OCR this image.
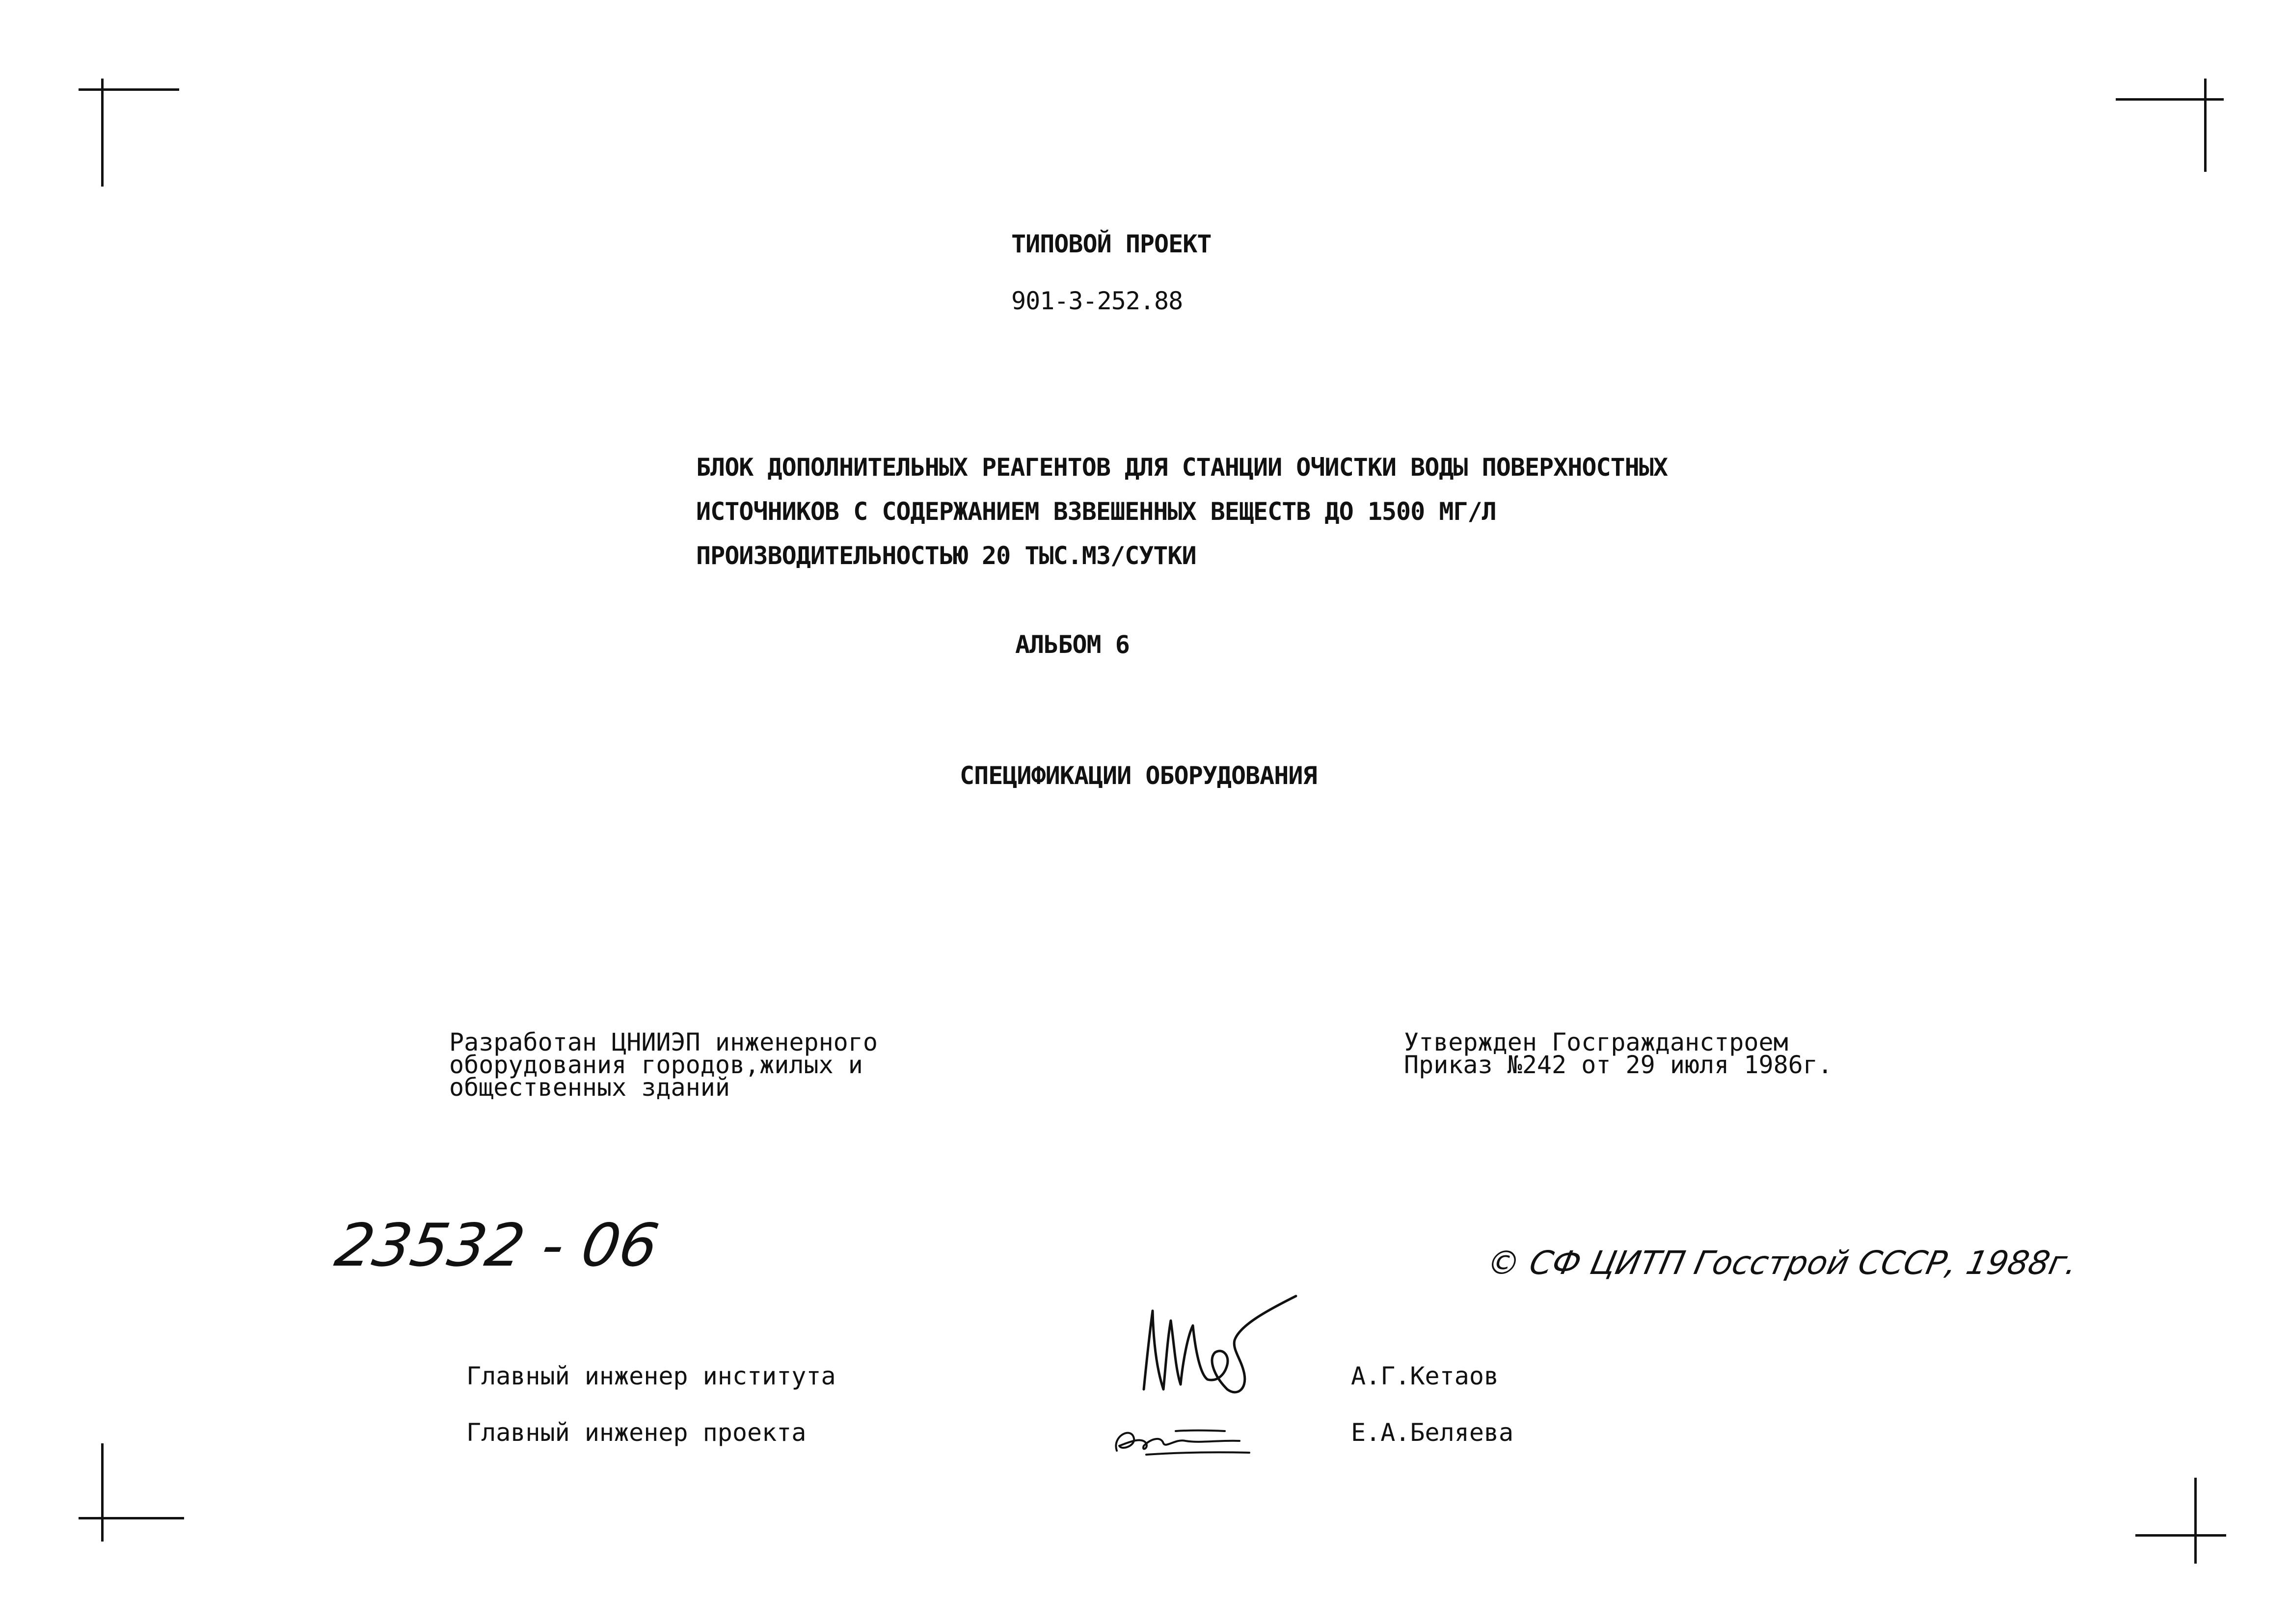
ТИПОВОЙ ПРОЕКТ
901-3-252.88
БЛОК ДОПОЛНИТЕЛЬНЫХ РЕАГЕНТОВ ДЛЯ СТАНЦИИ ОЧИСТКИ ВОДЫ ПОВЕРХНОСТНЫХ
ИСТОЧНИКОВ С СОДЕРЖАНИЕМ ВЗВЕШЕННЫХ ВЕЩЕСТВ ДО 1500 МГ/Л
ПРОИЗВОДИТЕЛЬНОСТЬЮ 20 ТЫС.М3/СУТКИ
АЛЬБОМ 6
СПЕЦИФИКАЦИИ ОБОРУДОВАНИЯ
Разработан ЦНИИЭП инженерного
оборудования городов,жилых и
общественных зданий
Утвержден Госгражданстроем
Приказ №242 от 29 июля 1986г.
23532 - 06	© СФ ЦИТП Госстрой СССР, 1988г.
Главный инженер института	А.Г.Кетаов
Главный инженер проекта	Е.А.Беляева
